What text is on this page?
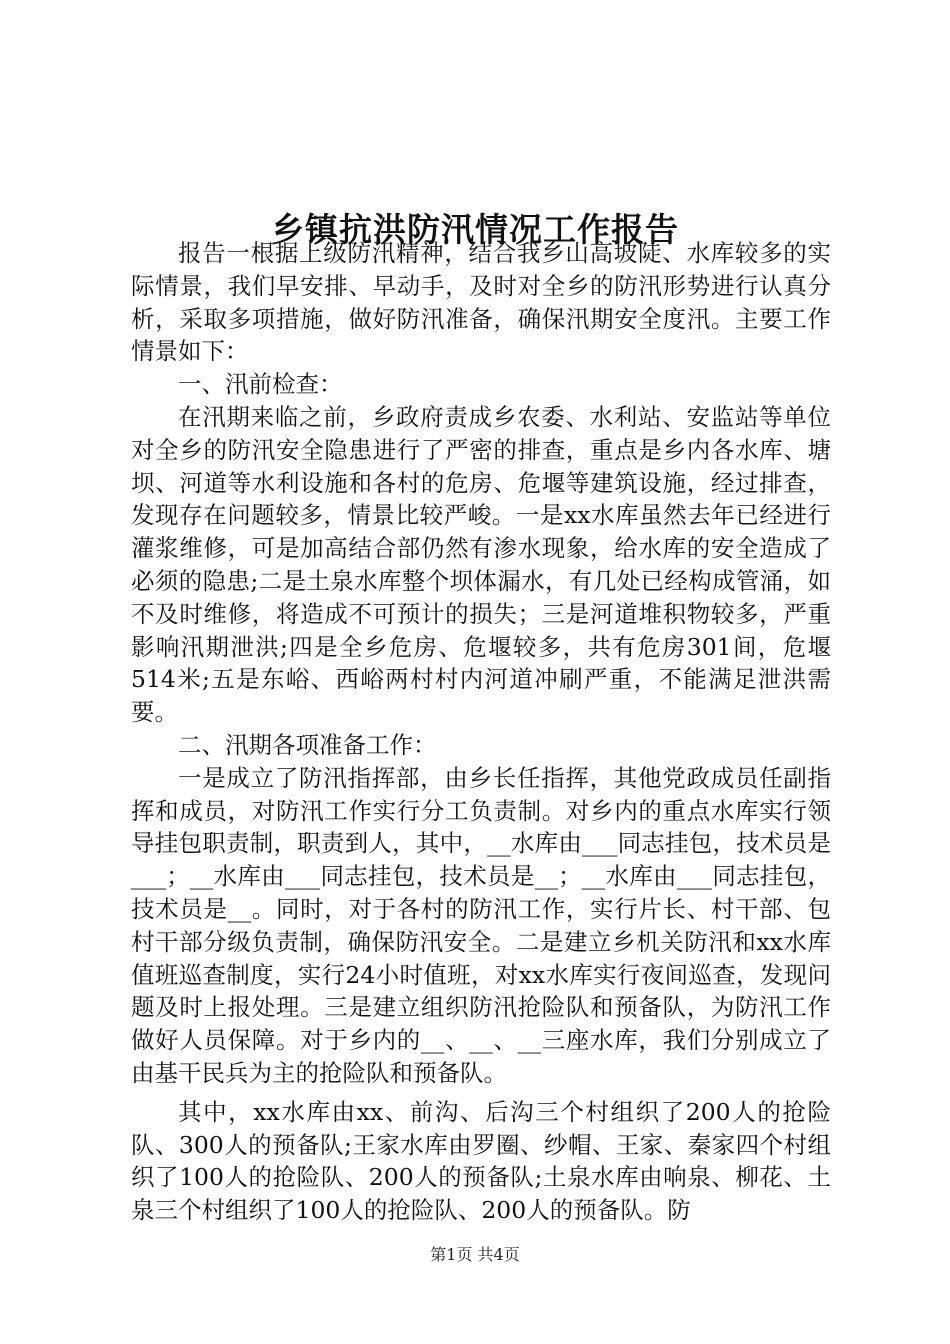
乡镇抗洪防汛情况工作报告

报告一根据上级防汛精神，结合我乡山高坡陡、水库较多的实际情景，我们早安排、早动手，及时对全乡的防汛形势进行认真分析，采取多项措施，做好防汛准备，确保汛期安全度汛。主要工作情景如下：

一、汛前检查：

在汛期来临之前，乡政府责成乡农委、水利站、安监站等单位对全乡的防汛安全隐患进行了严密的排查，重点是乡内各水库、塘坝、河道等水利设施和各村的危房、危堰等建筑设施，经过排查，发现存在问题较多，情景比较严峻。一是xx水库虽然去年已经进行灌浆维修，可是加高结合部仍然有渗水现象，给水库的安全造成了必须的隐患;二是土泉水库整个坝体漏水，有几处已经构成管涌，如不及时维修，将造成不可预计的损失；三是河道堆积物较多，严重影响汛期泄洪;四是全乡危房、危堰较多，共有危房301间，危堰514米;五是东峪、西峪两村村内河道冲刷严重，不能满足泄洪需要。

二、汛期各项准备工作：

一是成立了防汛指挥部，由乡长任指挥，其他党政成员任副指挥和成员，对防汛工作实行分工负责制。对乡内的重点水库实行领导挂包职责制，职责到人，其中，__水库由___同志挂包，技术员是___；__水库由___同志挂包，技术员是__；__水库由___同志挂包，技术员是__。同时，对于各村的防汛工作，实行片长、村干部、包村干部分级负责制，确保防汛安全。二是建立乡机关防汛和xx水库值班巡查制度，实行24小时值班，对xx水库实行夜间巡查，发现问题及时上报处理。三是建立组织防汛抢险队和预备队，为防汛工作做好人员保障。对于乡内的__、__、__三座水库，我们分别成立了由基干民兵为主的抢险队和预备队。

其中，xx水库由xx、前沟、后沟三个村组织了200人的抢险队、300人的预备队;王家水库由罗圈、纱帽、王家、秦家四个村组织了100人的抢险队、200人的预备队;土泉水库由响泉、柳花、土泉三个村组织了100人的抢险队、200人的预备队。防

第1页 共4页
